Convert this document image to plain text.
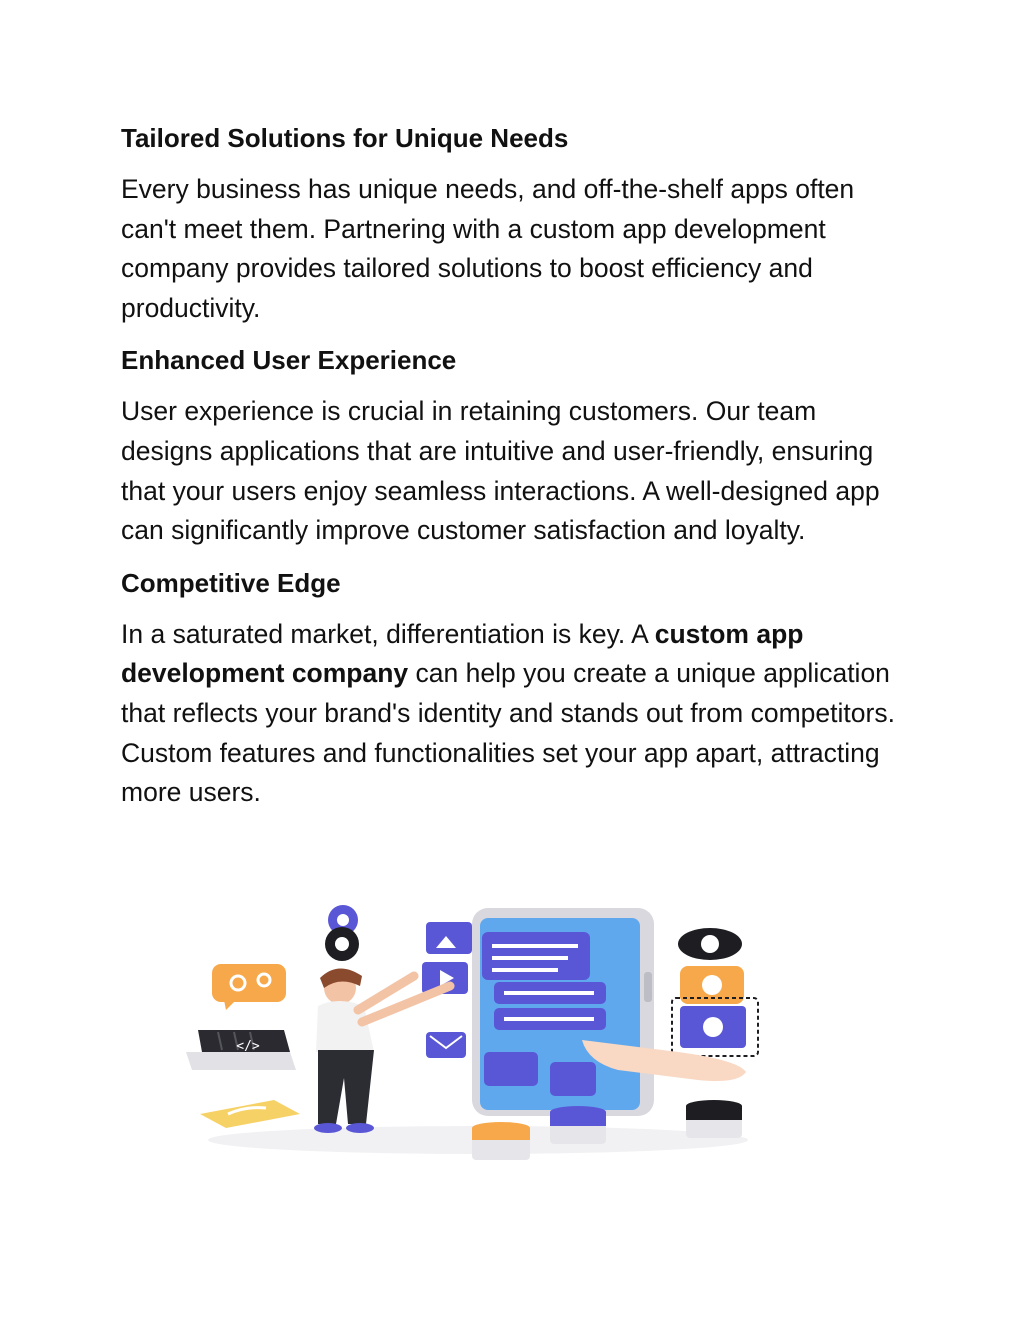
Tailored Solutions for Unique Needs

Every business has unique needs, and off-the-shelf apps often can't meet them. Partnering with a custom app development company provides tailored solutions to boost efficiency and productivity.

Enhanced User Experience

User experience is crucial in retaining customers. Our team designs applications that are intuitive and user-friendly, ensuring that your users enjoy seamless interactions. A well-designed app can significantly improve customer satisfaction and loyalty.

Competitive Edge

In a saturated market, differentiation is key. A custom app development company can help you create a unique application that reflects your brand's identity and stands out from competitors. Custom features and functionalities set your app apart, attracting more users.

</>
